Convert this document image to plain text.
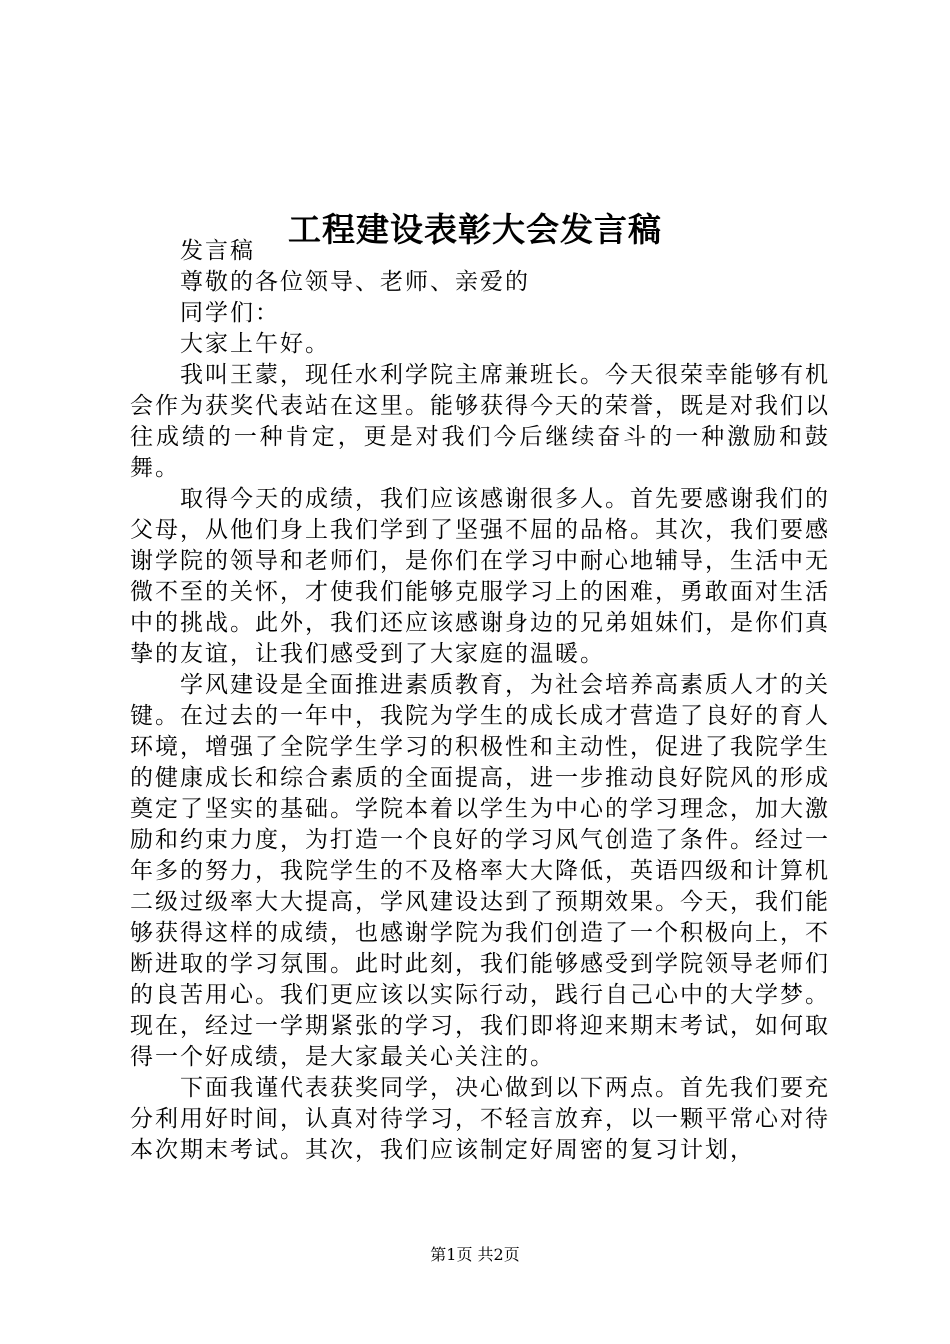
工程建设表彰大会发言稿

发言稿

尊敬的各位领导、老师、亲爱的

同学们：

大家上午好。

我叫王蒙，现任水利学院主席兼班长。今天很荣幸能够有机会作为获奖代表站在这里。能够获得今天的荣誉，既是对我们以往成绩的一种肯定，更是对我们今后继续奋斗的一种激励和鼓舞。

取得今天的成绩，我们应该感谢很多人。首先要感谢我们的父母，从他们身上我们学到了坚强不屈的品格。其次，我们要感谢学院的领导和老师们，是你们在学习中耐心地辅导，生活中无微不至的关怀，才使我们能够克服学习上的困难，勇敢面对生活中的挑战。此外，我们还应该感谢身边的兄弟姐妹们，是你们真挚的友谊，让我们感受到了大家庭的温暖。

学风建设是全面推进素质教育，为社会培养高素质人才的关键。在过去的一年中，我院为学生的成长成才营造了良好的育人环境，增强了全院学生学习的积极性和主动性，促进了我院学生的健康成长和综合素质的全面提高，进一步推动良好院风的形成奠定了坚实的基础。学院本着以学生为中心的学习理念，加大激励和约束力度，为打造一个良好的学习风气创造了条件。经过一年多的努力，我院学生的不及格率大大降低，英语四级和计算机二级过级率大大提高，学风建设达到了预期效果。今天，我们能够获得这样的成绩，也感谢学院为我们创造了一个积极向上，不断进取的学习氛围。此时此刻，我们能够感受到学院领导老师们的良苦用心。我们更应该以实际行动，践行自己心中的大学梦。现在，经过一学期紧张的学习，我们即将迎来期末考试，如何取得一个好成绩，是大家最关心关注的。

下面我谨代表获奖同学，决心做到以下两点。首先我们要充分利用好时间，认真对待学习，不轻言放弃，以一颗平常心对待本次期末考试。其次，我们应该制定好周密的复习计划，

第1页 共2页
